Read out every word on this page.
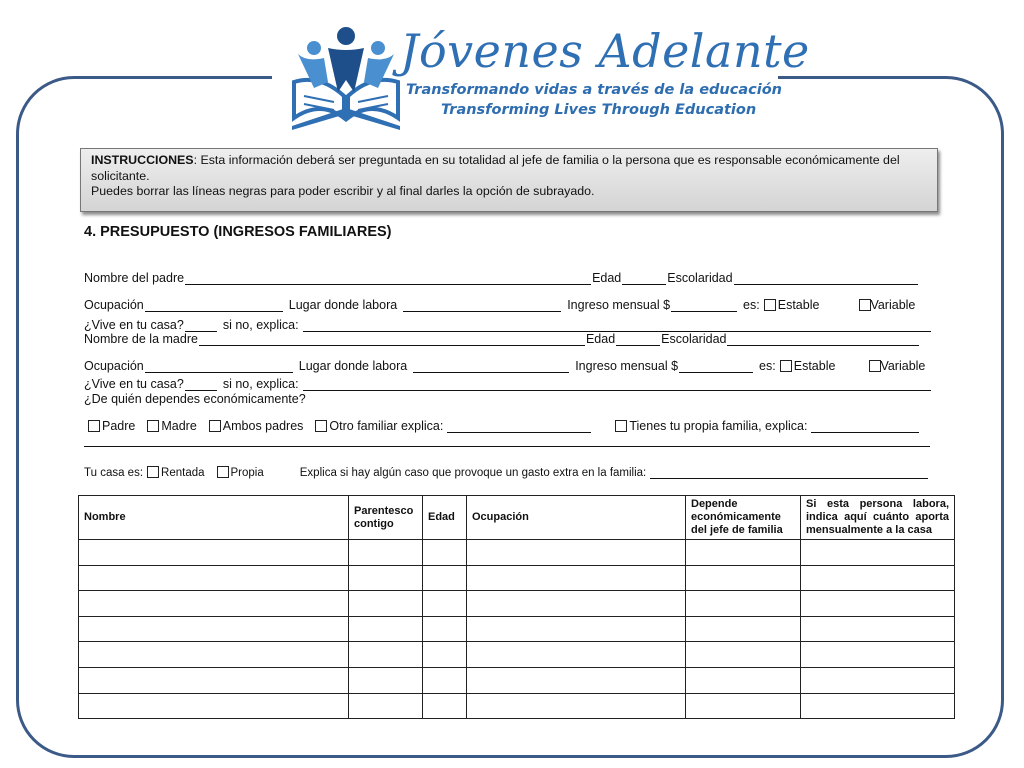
Jóvenes Adelante
Transformando vidas a través de la educación
Transforming Lives Through Education
INSTRUCCIONES: Esta información deberá ser preguntada en su totalidad al jefe de familia o la persona que es responsable económicamente del solicitante.
Puedes borrar las líneas negras para poder escribir y al final darles la opción de subrayado.
4. PRESUPUESTO (INGRESOS FAMILIARES)
Nombre del padre	Edad	Escolaridad
Ocupación	Lugar donde labora	Ingreso mensual $	es: Estable	Variable
¿Vive en tu casa?	si no, explica:
Nombre de la madre	Edad	Escolaridad
Ocupación	Lugar donde labora	Ingreso mensual $	es: Estable	Variable
¿Vive en tu casa?	si no, explica:
¿De quién dependes económicamente?
Padre Madre Ambos padres Otro familiar explica:	Tienes tu propia familia, explica:
Tu casa es: Rentada Propia	Explica si hay algún caso que provoque un gasto extra en la familia:
Nombre	Parentesco contigo	Edad	Ocupación	Depende económicamente del jefe de familia	Si esta persona labora, indica aquí cuánto aporta mensualmente a la casa
